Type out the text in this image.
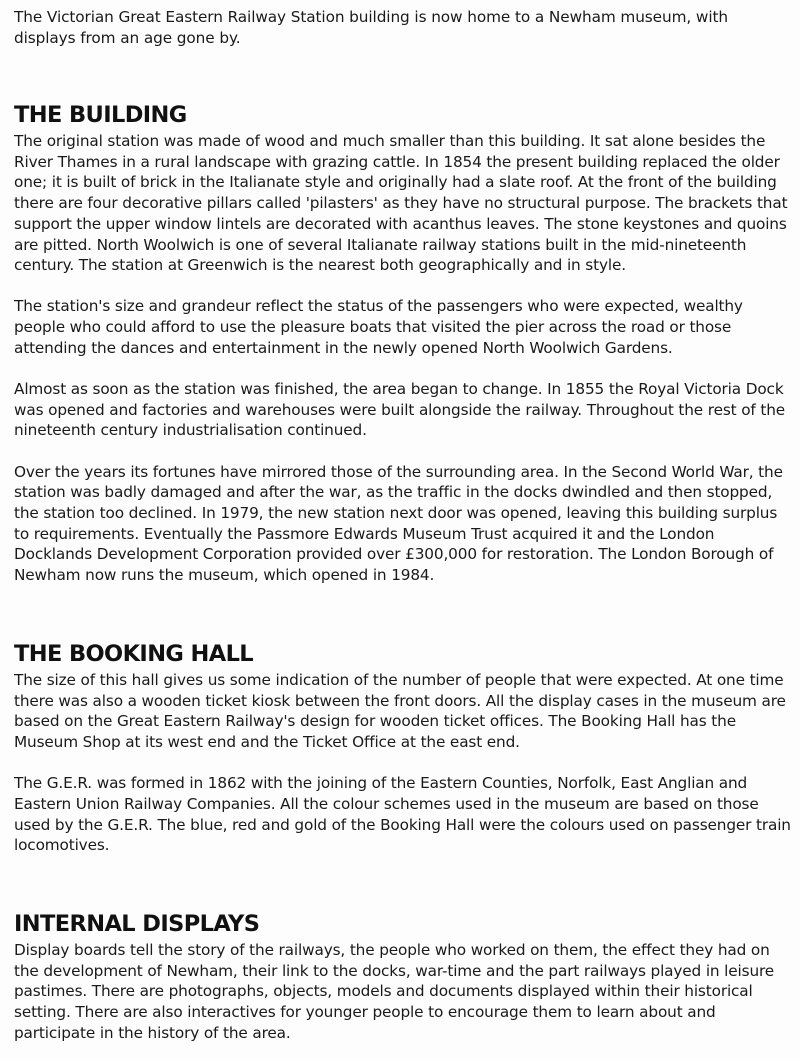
The Victorian Great Eastern Railway Station building is now home to a Newham museum, with displays from an age gone by.
THE BUILDING

The original station was made of wood and much smaller than this building. It sat alone besides the River Thames in a rural landscape with grazing cattle. In 1854 the present building replaced the older one; it is built of brick in the Italianate style and originally had a slate roof. At the front of the building there are four decorative pillars called 'pilasters' as they have no structural purpose. The brackets that support the upper window lintels are decorated with acanthus leaves. The stone keystones and quoins are pitted. North Woolwich is one of several Italianate railway stations built in the mid-nineteenth century. The station at Greenwich is the nearest both geographically and in style.

The station's size and grandeur reflect the status of the passengers who were expected, wealthy people who could afford to use the pleasure boats that visited the pier across the road or those attending the dances and entertainment in the newly opened North Woolwich Gardens.

Almost as soon as the station was finished, the area began to change. In 1855 the Royal Victoria Dock was opened and factories and warehouses were built alongside the railway. Throughout the rest of the nineteenth century industrialisation continued.

Over the years its fortunes have mirrored those of the surrounding area. In the Second World War, the station was badly damaged and after the war, as the traffic in the docks dwindled and then stopped, the station too declined. In 1979, the new station next door was opened, leaving this building surplus to requirements. Eventually the Passmore Edwards Museum Trust acquired it and the London Docklands Development Corporation provided over £300,000 for restoration. The London Borough of Newham now runs the museum, which opened in 1984.

THE BOOKING HALL

The size of this hall gives us some indication of the number of people that were expected. At one time there was also a wooden ticket kiosk between the front doors. All the display cases in the museum are based on the Great Eastern Railway's design for wooden ticket offices. The Booking Hall has the Museum Shop at its west end and the Ticket Office at the east end.

The G.E.R. was formed in 1862 with the joining of the Eastern Counties, Norfolk, East Anglian and Eastern Union Railway Companies. All the colour schemes used in the museum are based on those used by the G.E.R. The blue, red and gold of the Booking Hall were the colours used on passenger train locomotives.

INTERNAL DISPLAYS

Display boards tell the story of the railways, the people who worked on them, the effect they had on the development of Newham, their link to the docks, war-time and the part railways played in leisure pastimes. There are photographs, objects, models and documents displayed within their historical setting. There are also interactives for younger people to encourage them to learn about and participate in the history of the area.
